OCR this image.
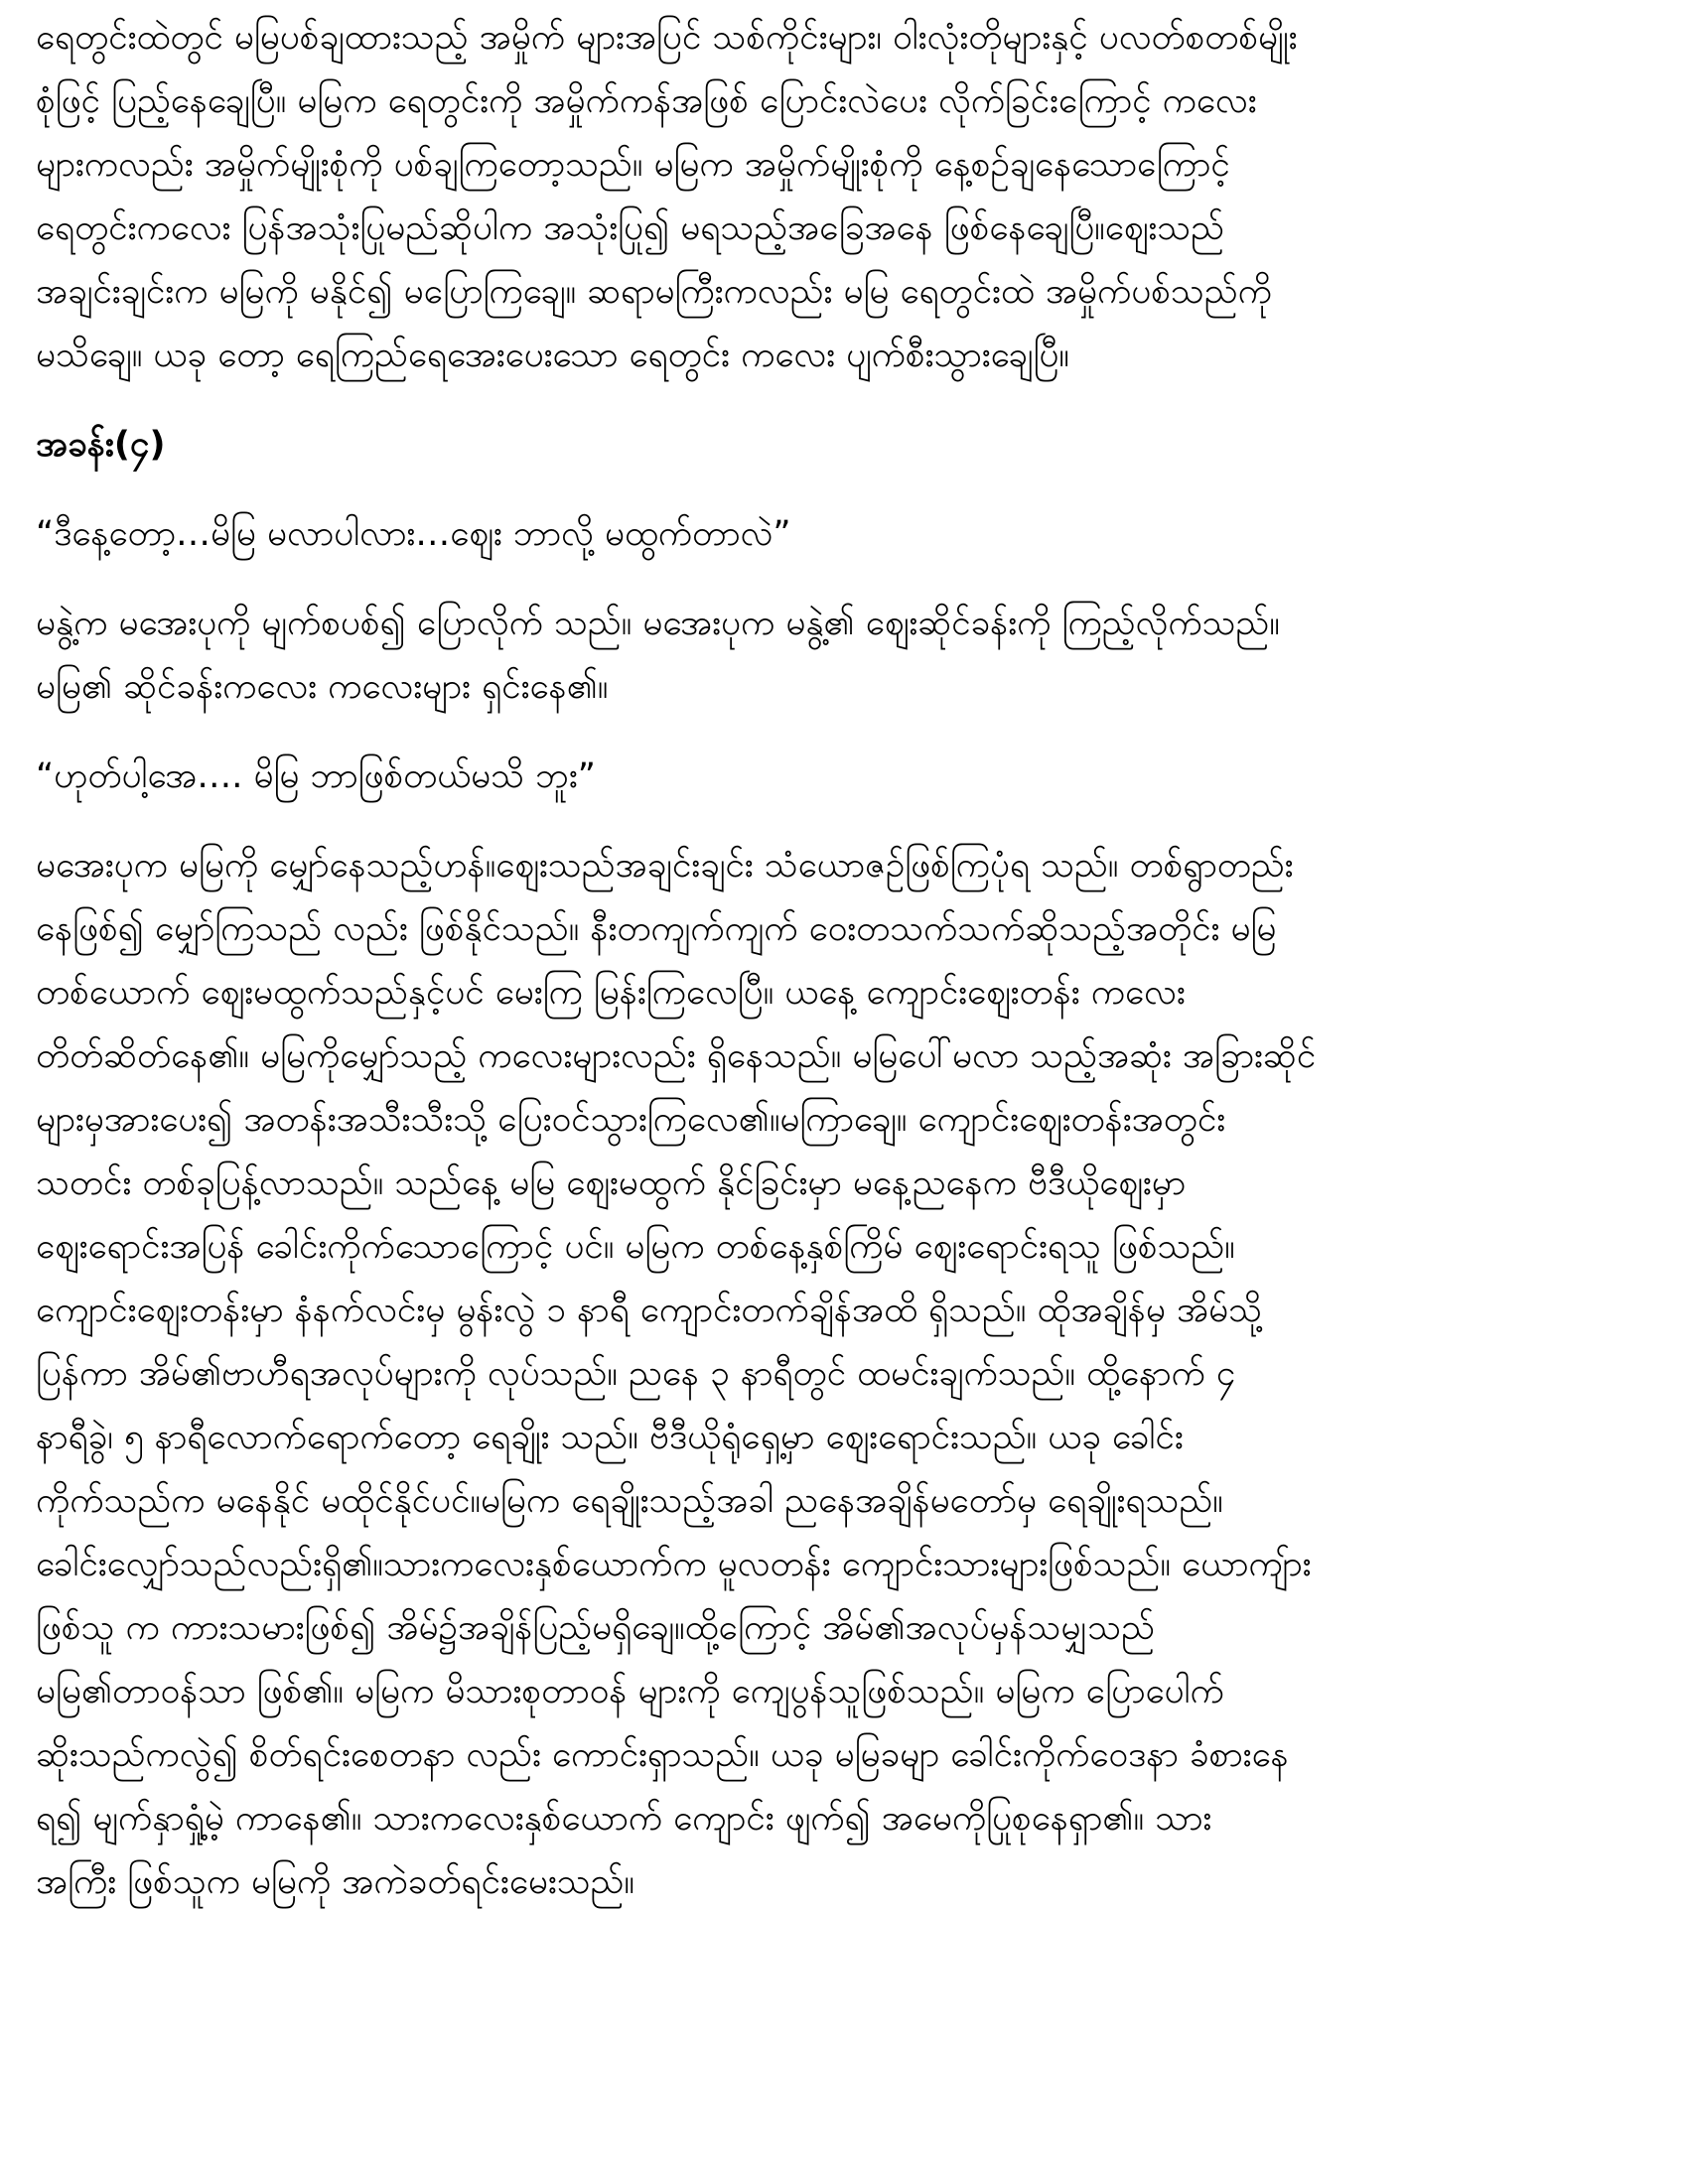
ရေတွင်းထဲတွင် မမြပစ်ချထားသည့် အမှိုက် များအပြင် သစ်ကိုင်းများ၊ ဝါးလုံးတိုများနှင့် ပလတ်စတစ်မျိုး
စုံဖြင့် ပြည့်နေချေပြီ။ မမြက ရေတွင်းကို အမှိုက်ကန်အဖြစ် ပြောင်းလဲပေး လိုက်ခြင်းကြောင့် ကလေး
များကလည်း အမှိုက်မျိုးစုံကို ပစ်ချကြတော့သည်။ မမြက အမှိုက်မျိုးစုံကို နေ့စဉ်ချနေသောကြောင့်
ရေတွင်းကလေး ပြန်အသုံးပြုမည်ဆိုပါက အသုံးပြု၍ မရသည့်အခြေအနေ ဖြစ်နေချေပြီ။ဈေးသည်
အချင်းချင်းက မမြကို မနိုင်၍ မပြောကြချေ။ ဆရာမကြီးကလည်း မမြ ရေတွင်းထဲ အမှိုက်ပစ်သည်ကို
မသိချေ။ ယခု တော့ ရေကြည်ရေအေးပေးသော ရေတွင်း ကလေး ပျက်စီးသွားချေပြီ။
အခန်း(၄)
“ဒီနေ့တော့…မိမြ မလာပါလား…ဈေး ဘာလို့ မထွက်တာလဲ”
မနွဲ့က မအေးပုကို မျက်စပစ်၍ ပြောလိုက် သည်။ မအေးပုက မနွဲ့၏ ဈေးဆိုင်ခန်းကို ကြည့်လိုက်သည်။
မမြ၏ ဆိုင်ခန်းကလေး ကလေးများ ရှင်းနေ၏။
“ဟုတ်ပါ့အေ…. မိမြ ဘာဖြစ်တယ်မသိ ဘူး”
မအေးပုက မမြကို မျှော်နေသည့်ဟန်။ဈေးသည်အချင်းချင်း သံယောဇဉ်ဖြစ်ကြပုံရ သည်။ တစ်ရွာတည်း
နေဖြစ်၍ မျှော်ကြသည် လည်း ဖြစ်နိုင်သည်။ နီးတကျက်ကျက် ဝေးတသက်သက်ဆိုသည့်အတိုင်း မမြ
တစ်ယောက် ဈေးမထွက်သည်နှင့်ပင် မေးကြ မြန်းကြလေပြီ။ ယနေ့ ကျောင်းဈေးတန်း ကလေး
တိတ်ဆိတ်နေ၏။ မမြကိုမျှော်သည့် ကလေးများလည်း ရှိနေသည်။ မမြပေါ်မလာ သည့်အဆုံး အခြားဆိုင်
များမှအားပေး၍ အတန်းအသီးသီးသို့ ပြေးဝင်သွားကြလေ၏။မကြာချေ။ ကျောင်းဈေးတန်းအတွင်း
သတင်း တစ်ခုပြန့်လာသည်။ သည်နေ့ မမြ ဈေးမထွက် နိုင်ခြင်းမှာ မနေ့ညနေက ဗီဒီယိုဈေးမှာ
ဈေးရောင်းအပြန် ခေါင်းကိုက်သောကြောင့် ပင်။ မမြက တစ်နေ့နှစ်ကြိမ် ဈေးရောင်းရသူ ဖြစ်သည်။
ကျောင်းဈေးတန်းမှာ နံနက်လင်းမှ မွန်းလွဲ ၁ နာရီ ကျောင်းတက်ချိန်အထိ ရှိသည်။ ထိုအချိန်မှ အိမ်သို့
ပြန်ကာ အိမ်၏ဗာဟီရအလုပ်များကို လုပ်သည်။ ညနေ ၃ နာရီတွင် ထမင်းချက်သည်။ ထို့နောက် ၄
နာရီခွဲ၊ ၅ နာရီလောက်ရောက်တော့ ရေချိုး သည်။ ဗီဒီယိုရုံရှေ့မှာ ဈေးရောင်းသည်။ ယခု ခေါင်း
ကိုက်သည်က မနေနိုင် မထိုင်နိုင်ပင်။မမြက ရေချိုးသည့်အခါ ညနေအချိန်မတော်မှ ရေချိုးရသည်။
ခေါင်းလျှော်သည်လည်းရှိ၏။သားကလေးနှစ်ယောက်က မူလတန်း ကျောင်းသားများဖြစ်သည်။ ယောကျ်ား
ဖြစ်သူ က ကားသမားဖြစ်၍ အိမ်၌အချိန်ပြည့်မရှိချေ။ထို့ကြောင့် အိမ်၏အလုပ်မှန်သမျှသည်
မမြ၏တာဝန်သာ ဖြစ်၏။ မမြက မိသားစုတာဝန် များကို ကျေပွန်သူဖြစ်သည်။ မမြက ပြောပေါက်
ဆိုးသည်ကလွဲ၍ စိတ်ရင်းစေတနာ လည်း ကောင်းရှာသည်။ ယခု မမြခမျာ ခေါင်းကိုက်ဝေဒနာ ခံစားနေ
ရ၍ မျက်နှာရှုံ့မဲ့ ကာနေ၏။ သားကလေးနှစ်ယောက် ကျောင်း ဖျက်၍ အမေကိုပြုစုနေရှာ၏။ သား
အကြီး ဖြစ်သူက မမြကို အကဲခတ်ရင်းမေးသည်။
